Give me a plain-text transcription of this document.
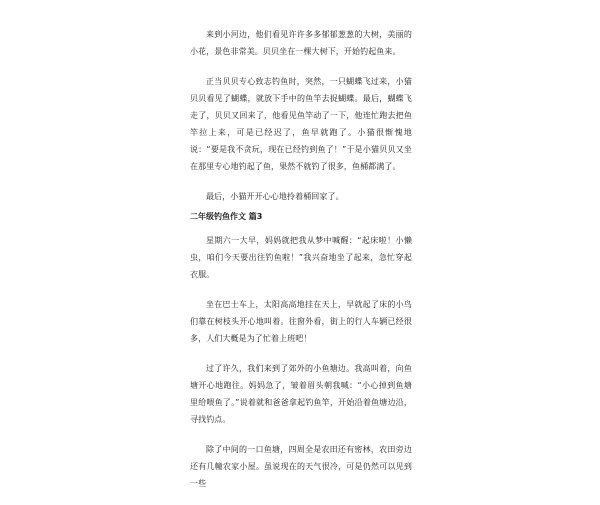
来到小河边，他们看见许许多多郁郁葱葱的大树，美丽的小花，景色非常美。贝贝坐在一棵大树下，开始钓起鱼来。

正当贝贝专心致志钓鱼时，突然，一只蝴蝶飞过来，小猫贝贝看见了蝴蝶，就放下手中的鱼竿去捉蝴蝶。最后，蝴蝶飞走了，贝贝又回来了，他看见鱼竿动了一下，他连忙跑去把鱼竿拉上来，可是已经迟了，鱼早就跑了。小猫很惭愧地说：“要是我不贪玩，现在已经钓到鱼了！”于是小猫贝贝又坐在那里专心地钓起了鱼，果然不就钓了很多，鱼桶都满了。

最后，小猫开开心心地拎着桶回家了。

二年级钓鱼作文 篇3

星期六一大早，妈妈就把我从梦中喊醒：“起床啦！小懒虫，咱们今天要出往钓鱼啦！”我兴奋地坐了起来，急忙穿起衣服。

坐在巴士车上，太阳高高地挂在天上，早就起了床的小鸟们靠在树枝头开心地叫着。往窗外看，街上的行人车辆已经很多，人们大概是为了忙着上班吧！

过了许久，我们来到了郊外的小鱼塘边。我高叫着，向鱼塘开心地跑往。妈妈急了，皱着眉头朝我喊：“小心掉到鱼塘里给喂鱼了。”说着就和爸爸拿起钓鱼竿，开始沿着鱼塘边沿，寻找钓点。

除了中间的一口鱼塘，四周全是农田还有密林，农田旁边还有几幢农家小屋。虽说现在的天气很冷，可是仍然可以见到一些
